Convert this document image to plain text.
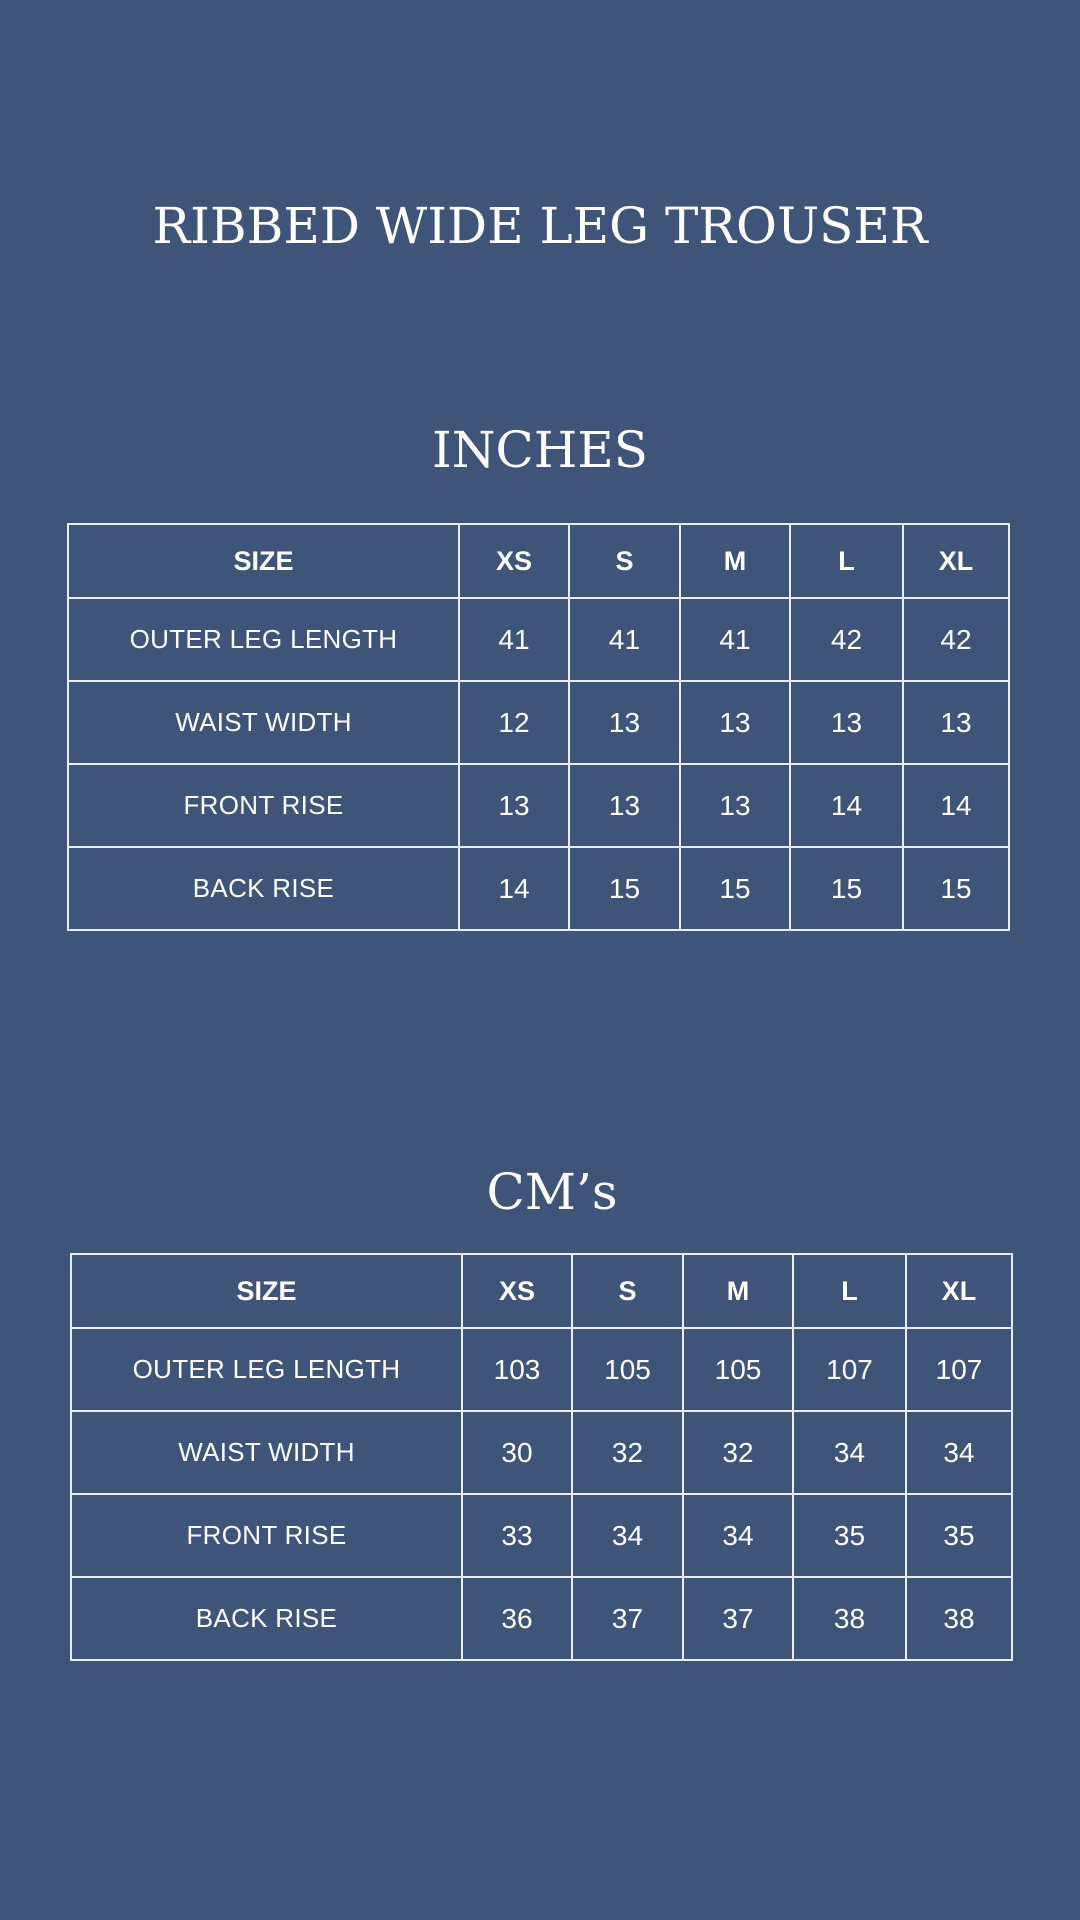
RIBBED WIDE LEG TROUSER
INCHES
SIZE	XS	S	M	L	XL
OUTER LEG LENGTH	41	41	41	42	42
WAIST WIDTH	12	13	13	13	13
FRONT RISE	13	13	13	14	14
BACK RISE	14	15	15	15	15
CM’s
SIZE	XS	S	M	L	XL
OUTER LEG LENGTH	103	105	105	107	107
WAIST WIDTH	30	32	32	34	34
FRONT RISE	33	34	34	35	35
BACK RISE	36	37	37	38	38
